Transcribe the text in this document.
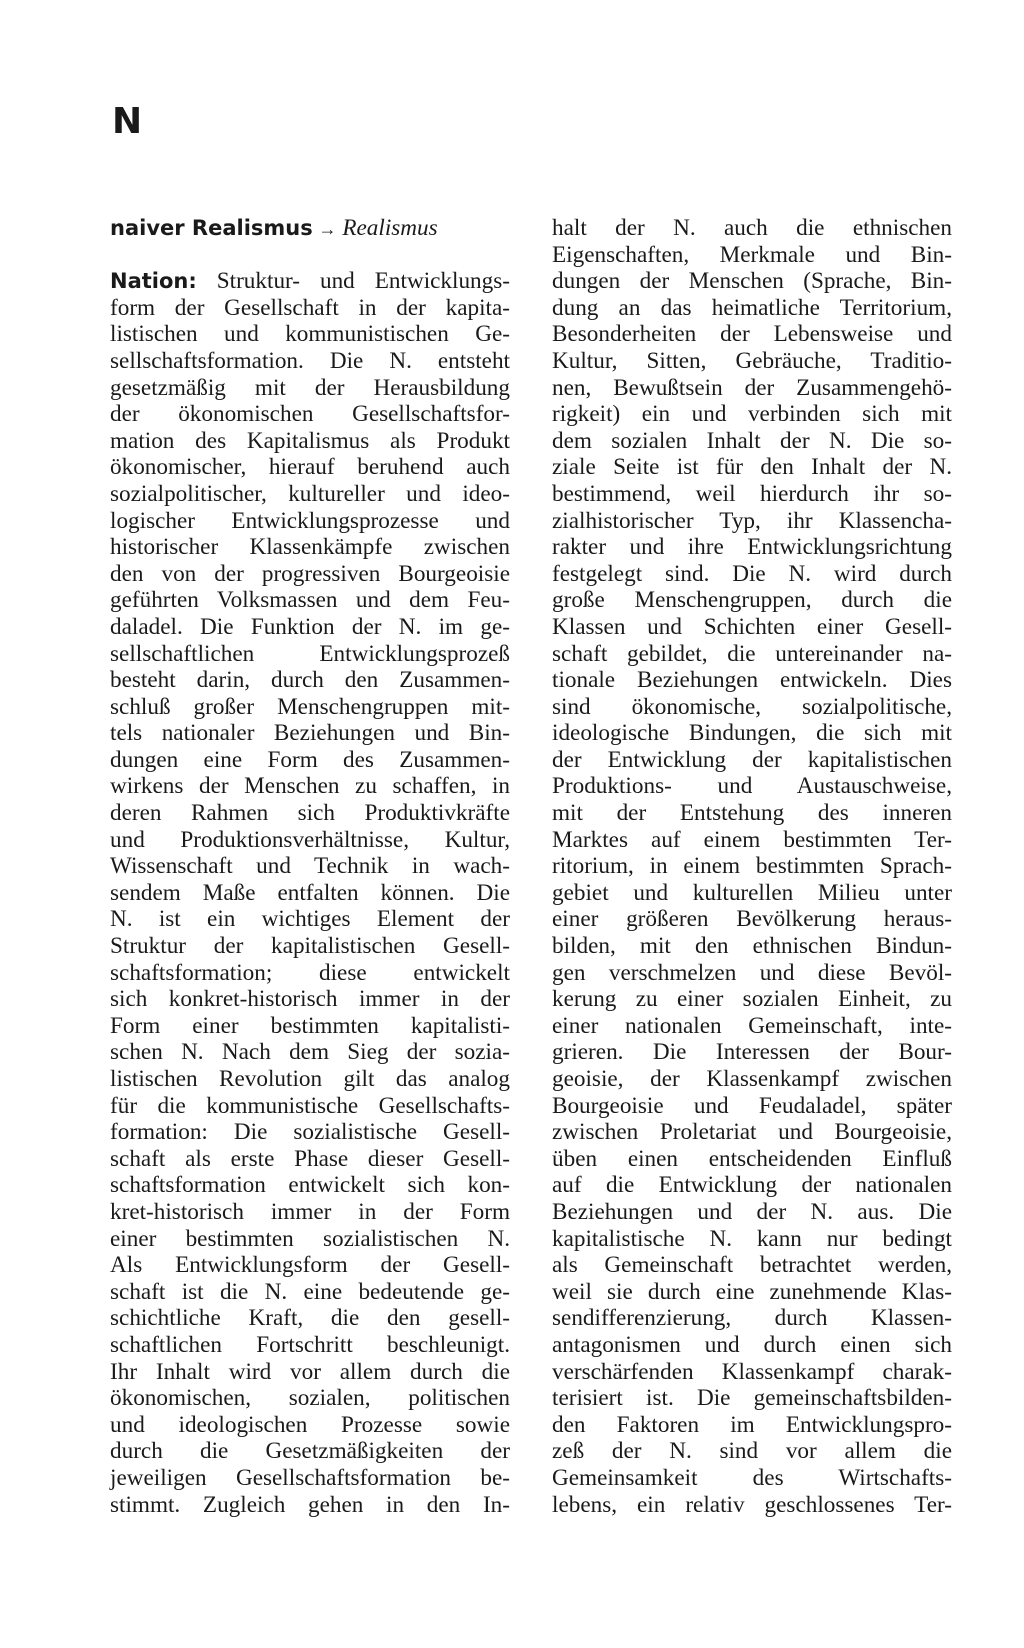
N
naiver Realismus → Realismus
Nation: Struktur- und Entwicklungs-
form der Gesellschaft in der kapita-
listischen und kommunistischen Ge-
sellschaftsformation. Die N. entsteht
gesetzmäßig mit der Herausbildung
der ökonomischen Gesellschaftsfor-
mation des Kapitalismus als Produkt
ökonomischer, hierauf beruhend auch
sozialpolitischer, kultureller und ideo-
logischer Entwicklungsprozesse und
historischer Klassenkämpfe zwischen
den von der progressiven Bourgeoisie
geführten Volksmassen und dem Feu-
daladel. Die Funktion der N. im ge-
sellschaftlichen Entwicklungsprozeß
besteht darin, durch den Zusammen-
schluß großer Menschengruppen mit-
tels nationaler Beziehungen und Bin-
dungen eine Form des Zusammen-
wirkens der Menschen zu schaffen, in
deren Rahmen sich Produktivkräfte
und Produktionsverhältnisse, Kultur,
Wissenschaft und Technik in wach-
sendem Maße entfalten können. Die
N. ist ein wichtiges Element der
Struktur der kapitalistischen Gesell-
schaftsformation; diese entwickelt
sich konkret-historisch immer in der
Form einer bestimmten kapitalisti-
schen N. Nach dem Sieg der sozia-
listischen Revolution gilt das analog
für die kommunistische Gesellschafts-
formation: Die sozialistische Gesell-
schaft als erste Phase dieser Gesell-
schaftsformation entwickelt sich kon-
kret-historisch immer in der Form
einer bestimmten sozialistischen N.
Als Entwicklungsform der Gesell-
schaft ist die N. eine bedeutende ge-
schichtliche Kraft, die den gesell-
schaftlichen Fortschritt beschleunigt.
Ihr Inhalt wird vor allem durch die
ökonomischen, sozialen, politischen
und ideologischen Prozesse sowie
durch die Gesetzmäßigkeiten der
jeweiligen Gesellschaftsformation be-
stimmt. Zugleich gehen in den In-
halt der N. auch die ethnischen
Eigenschaften, Merkmale und Bin-
dungen der Menschen (Sprache, Bin-
dung an das heimatliche Territorium,
Besonderheiten der Lebensweise und
Kultur, Sitten, Gebräuche, Traditio-
nen, Bewußtsein der Zusammengehö-
rigkeit) ein und verbinden sich mit
dem sozialen Inhalt der N. Die so-
ziale Seite ist für den Inhalt der N.
bestimmend, weil hierdurch ihr so-
zialhistorischer Typ, ihr Klassencha-
rakter und ihre Entwicklungsrichtung
festgelegt sind. Die N. wird durch
große Menschengruppen, durch die
Klassen und Schichten einer Gesell-
schaft gebildet, die untereinander na-
tionale Beziehungen entwickeln. Dies
sind ökonomische, sozialpolitische,
ideologische Bindungen, die sich mit
der Entwicklung der kapitalistischen
Produktions- und Austauschweise,
mit der Entstehung des inneren
Marktes auf einem bestimmten Ter-
ritorium, in einem bestimmten Sprach-
gebiet und kulturellen Milieu unter
einer größeren Bevölkerung heraus-
bilden, mit den ethnischen Bindun-
gen verschmelzen und diese Bevöl-
kerung zu einer sozialen Einheit, zu
einer nationalen Gemeinschaft, inte-
grieren. Die Interessen der Bour-
geoisie, der Klassenkampf zwischen
Bourgeoisie und Feudaladel, später
zwischen Proletariat und Bourgeoisie,
üben einen entscheidenden Einfluß
auf die Entwicklung der nationalen
Beziehungen und der N. aus. Die
kapitalistische N. kann nur bedingt
als Gemeinschaft betrachtet werden,
weil sie durch eine zunehmende Klas-
sendifferenzierung, durch Klassen-
antagonismen und durch einen sich
verschärfenden Klassenkampf charak-
terisiert ist. Die gemeinschaftsbilden-
den Faktoren im Entwicklungspro-
zeß der N. sind vor allem die
Gemeinsamkeit des Wirtschafts-
lebens, ein relativ geschlossenes Ter-
